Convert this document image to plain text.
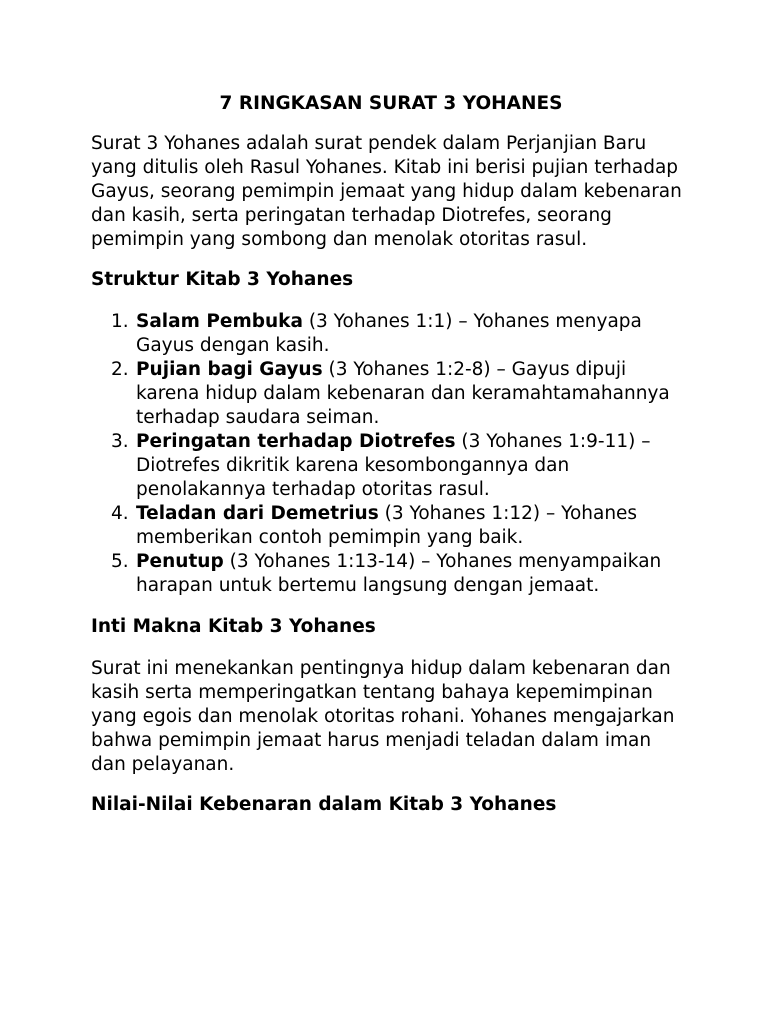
7 RINGKASAN SURAT 3 YOHANES

Surat 3 Yohanes adalah surat pendek dalam Perjanjian Baru yang ditulis oleh Rasul Yohanes. Kitab ini berisi pujian terhadap Gayus, seorang pemimpin jemaat yang hidup dalam kebenaran dan kasih, serta peringatan terhadap Diotrefes, seorang pemimpin yang sombong dan menolak otoritas rasul.

Struktur Kitab 3 Yohanes
1. Salam Pembuka (3 Yohanes 1:1) – Yohanes menyapa Gayus dengan kasih.
2. Pujian bagi Gayus (3 Yohanes 1:2-8) – Gayus dipuji karena hidup dalam kebenaran dan keramahtamahannya terhadap saudara seiman.
3. Peringatan terhadap Diotrefes (3 Yohanes 1:9-11) – Diotrefes dikritik karena kesombongannya dan penolakannya terhadap otoritas rasul.
4. Teladan dari Demetrius (3 Yohanes 1:12) – Yohanes memberikan contoh pemimpin yang baik.
5. Penutup (3 Yohanes 1:13-14) – Yohanes menyampaikan harapan untuk bertemu langsung dengan jemaat.
Inti Makna Kitab 3 Yohanes

Surat ini menekankan pentingnya hidup dalam kebenaran dan kasih serta memperingatkan tentang bahaya kepemimpinan yang egois dan menolak otoritas rohani. Yohanes mengajarkan bahwa pemimpin jemaat harus menjadi teladan dalam iman dan pelayanan.

Nilai-Nilai Kebenaran dalam Kitab 3 Yohanes
